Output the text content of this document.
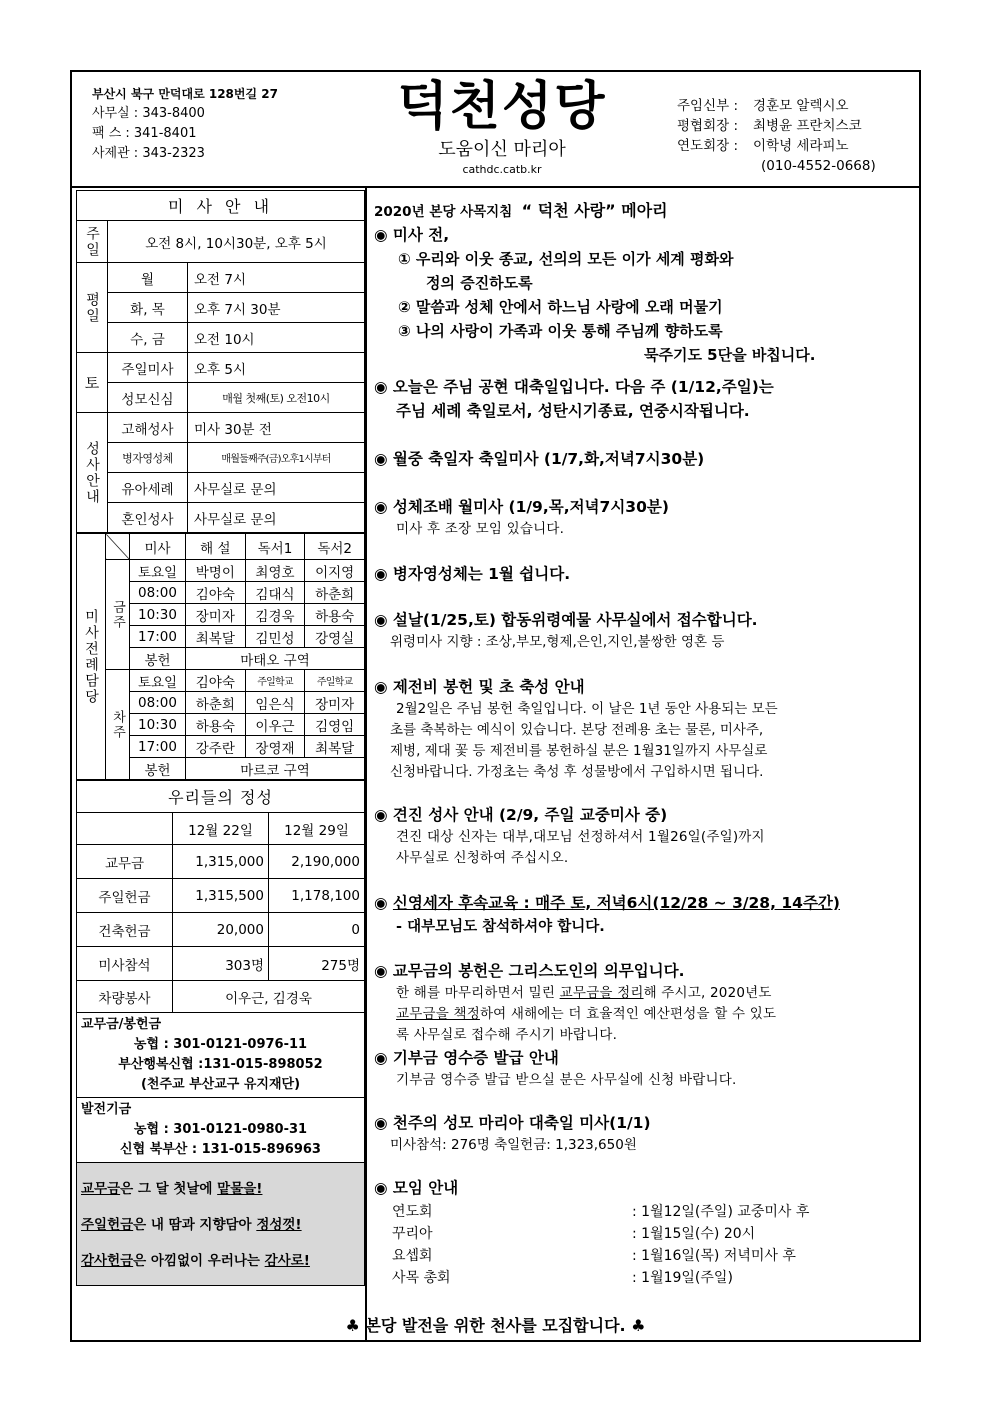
부산시 북구 만덕대로 128번길 27
사무실 : 343-8400
팩 스 : 341-8401
사제관 : 343-2323
덕천성당
도움이신 마리아
cathdc.catb.kr
주임신부 : 경훈모 알렉시오
평협회장 : 최병윤 프란치스코
연도회장 : 이학녕 세라피노
(010-4552-0668)
미 사 안 내		
주일	오전 8시, 10시30분, 오후 5시	
평일	월	오전 7시
	화, 목	오후 7시 30분
	수, 금	오전 10시
토	주일미사	오후 5시
	성모신심	매월 첫째(토) 오전10시
성사안내	고해성사	미사 30분 전
	병자영성체	매월둘째주(금)오후1시부터
	유아세례	사무실로 문의
	혼인성사	사무실로 문의
미사전례담당		미사	해 설	독서1	독서2
	금주	토요일	박명이	최영호	이지영
		08:00	김야숙	김대식	하춘희
		10:30	장미자	김경욱	하용숙
		17:00	최복달	김민성	강영실
		봉헌	마태오 구역		
	차주	토요일	김야숙	주일학교	주일학교
		08:00	하춘희	임은식	장미자
		10:30	하용숙	이우근	김영임
		17:00	강주란	장영재	최복달
		봉헌	마르코 구역		
우리들의 정성		
	12월 22일	12월 29일
교무금	1,315,000	2,190,000
주일헌금	1,315,500	1,178,100
건축헌금	20,000	0
미사참석	303명	275명
차량봉사	이우근, 김경욱	
교무금/봉헌금
농협 : 301-0121-0976-11
부산행복신협 :131-015-898052
(천주교 부산교구 유지재단)
발전기금
농협 : 301-0121-0980-31
신협 북부산 : 131-015-896963
교무금은 그 달 첫날에 맡물을!
주일헌금은 내 땀과 지향담아 정성껏!
감사헌금은 아낌없이 우러나는 감사로!
2020년 본당 사목지침 “ 덕천 사랑” 메아리
◉ 미사 전,
① 우리와 이웃 종교, 선의의 모든 이가 세계 평화와
정의 증진하도록
② 말씀과 성체 안에서 하느님 사랑에 오래 머물기
③ 나의 사랑이 가족과 이웃 통해 주님께 향하도록
묵주기도 5단을 바칩니다.
◉ 오늘은 주님 공현 대축일입니다. 다음 주 (1/12,주일)는
주님 세례 축일로서, 성탄시기종료, 연중시작됩니다.
◉ 월중 축일자 축일미사 (1/7,화,저녁7시30분)
◉ 성체조배 월미사 (1/9,목,저녁7시30분)
미사 후 조장 모임 있습니다.
◉ 병자영성체는 1월 쉽니다.
◉ 설날(1/25,토) 합동위령예물 사무실에서 접수합니다.
위령미사 지향 : 조상,부모,형제,은인,지인,불쌍한 영혼 등
◉ 제전비 봉헌 및 초 축성 안내
2월2일은 주님 봉헌 축일입니다. 이 날은 1년 동안 사용되는 모든
초를 축복하는 예식이 있습니다. 본당 전례용 초는 물론, 미사주,
제병, 제대 꽃 등 제전비를 봉헌하실 분은 1월31일까지 사무실로
신청바랍니다. 가정초는 축성 후 성물방에서 구입하시면 됩니다.
◉ 견진 성사 안내 (2/9, 주일 교중미사 중)
견진 대상 신자는 대부,대모님 선정하셔서 1월26일(주일)까지
사무실로 신청하여 주십시오.
◉ 신영세자 후속교육 : 매주 토, 저녁6시(12/28 ~ 3/28, 14주간)
- 대부모님도 참석하셔야 합니다.
◉ 교무금의 봉헌은 그리스도인의 의무입니다.
한 해를 마무리하면서 밀린 교무금을 정리해 주시고, 2020년도
교무금을 책정하여 새해에는 더 효율적인 예산편성을 할 수 있도
록 사무실로 접수해 주시기 바랍니다.
◉ 기부금 영수증 발급 안내
기부금 영수증 발급 받으실 분은 사무실에 신청 바랍니다.
◉ 천주의 성모 마리아 대축일 미사(1/1)
미사참석: 276명 축일헌금: 1,323,650원
◉ 모임 안내
연도회	: 1월12일(주일) 교중미사 후
꾸리아	: 1월15일(수) 20시
요셉회	: 1월16일(목) 저녁미사 후
사목 총회	: 1월19일(주일)
♣ 본당 발전을 위한 천사를 모집합니다. ♣
